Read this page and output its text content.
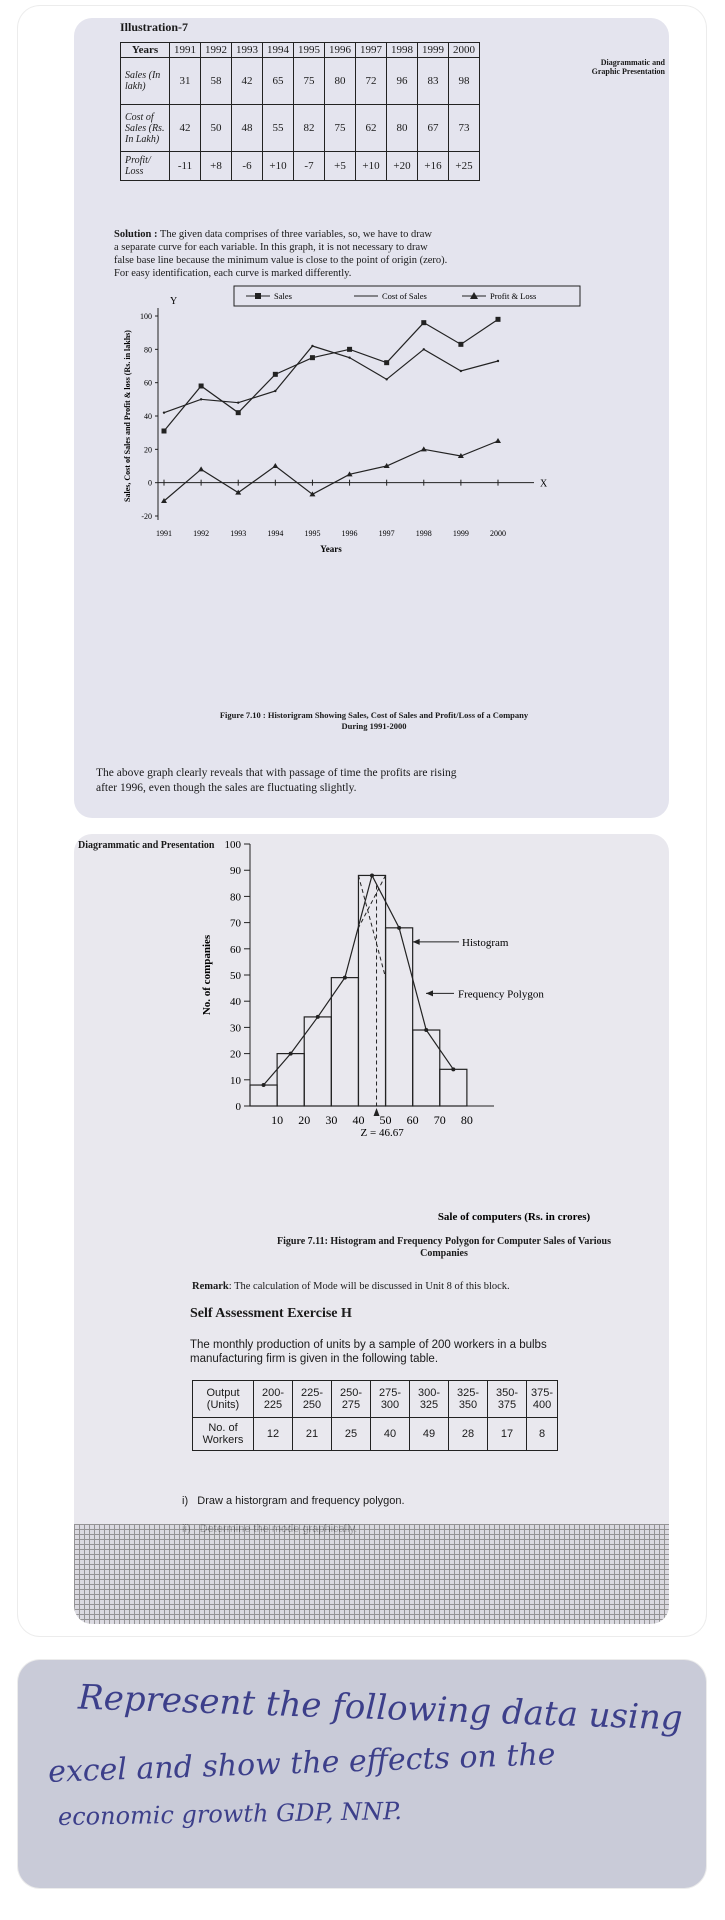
Illustration-7
Diagrammatic and
Graphic Presentation
Years	1991	1992	1993	1994	1995	1996	1997	1998	1999	2000
Sales (In lakh)	31	58	42	65	75	80	72	96	83	98
Cost of Sales (Rs. In Lakh)	42	50	48	55	82	75	62	80	67	73
Profit/ Loss	-11	+8	-6	+10	-7	+5	+10	+20	+16	+25
Solution : The given data comprises of three variables, so, we have to draw
a separate curve for each variable. In this graph, it is not necessary to draw
false base line because the minimum value is close to the point of origin (zero).
For easy identification, each curve is marked differently.
Sales	Cost of Sales	Profit & Loss
Y
X
-20
0
20
40
60
80
100
1991	1992	1993	1994	1995	1996	1997	1998	1999	2000
Years
Sales, Cost of Sales and Profit & loss (Rs. in lakhs)
Figure 7.10 : Historigram Showing Sales, Cost of Sales and Profit/Loss of a Company
During 1991-2000
The above graph clearly reveals that with passage of time the profits are rising
after 1996, even though the sales are fluctuating slightly.
Diagrammatic and Presentation
0
10
20
30
40
50
60
70
80
90
100
10 20 30 40 50 60 70 80
No. of companies
Sale of computers (Rs. in crores)
Z = 46.67
Histogram
Frequency Polygon
Figure 7.11: Histogram and Frequency Polygon for Computer Sales of Various
Companies
Remark: The calculation of Mode will be discussed in Unit 8 of this block.
Self Assessment Exercise H
The monthly production of units by a sample of 200 workers in a bulbs
manufacturing firm is given in the following table.
Output (Units)	200-225	225-250	250-275	275-300	300-325	325-350	350-375	375-400
No. of Workers	12	21	25	40	49	28	17	8
i) Draw a historgram and frequency polygon.

Represent the following data using
excel and show the effects on the
economic growth GDP, NNP.
